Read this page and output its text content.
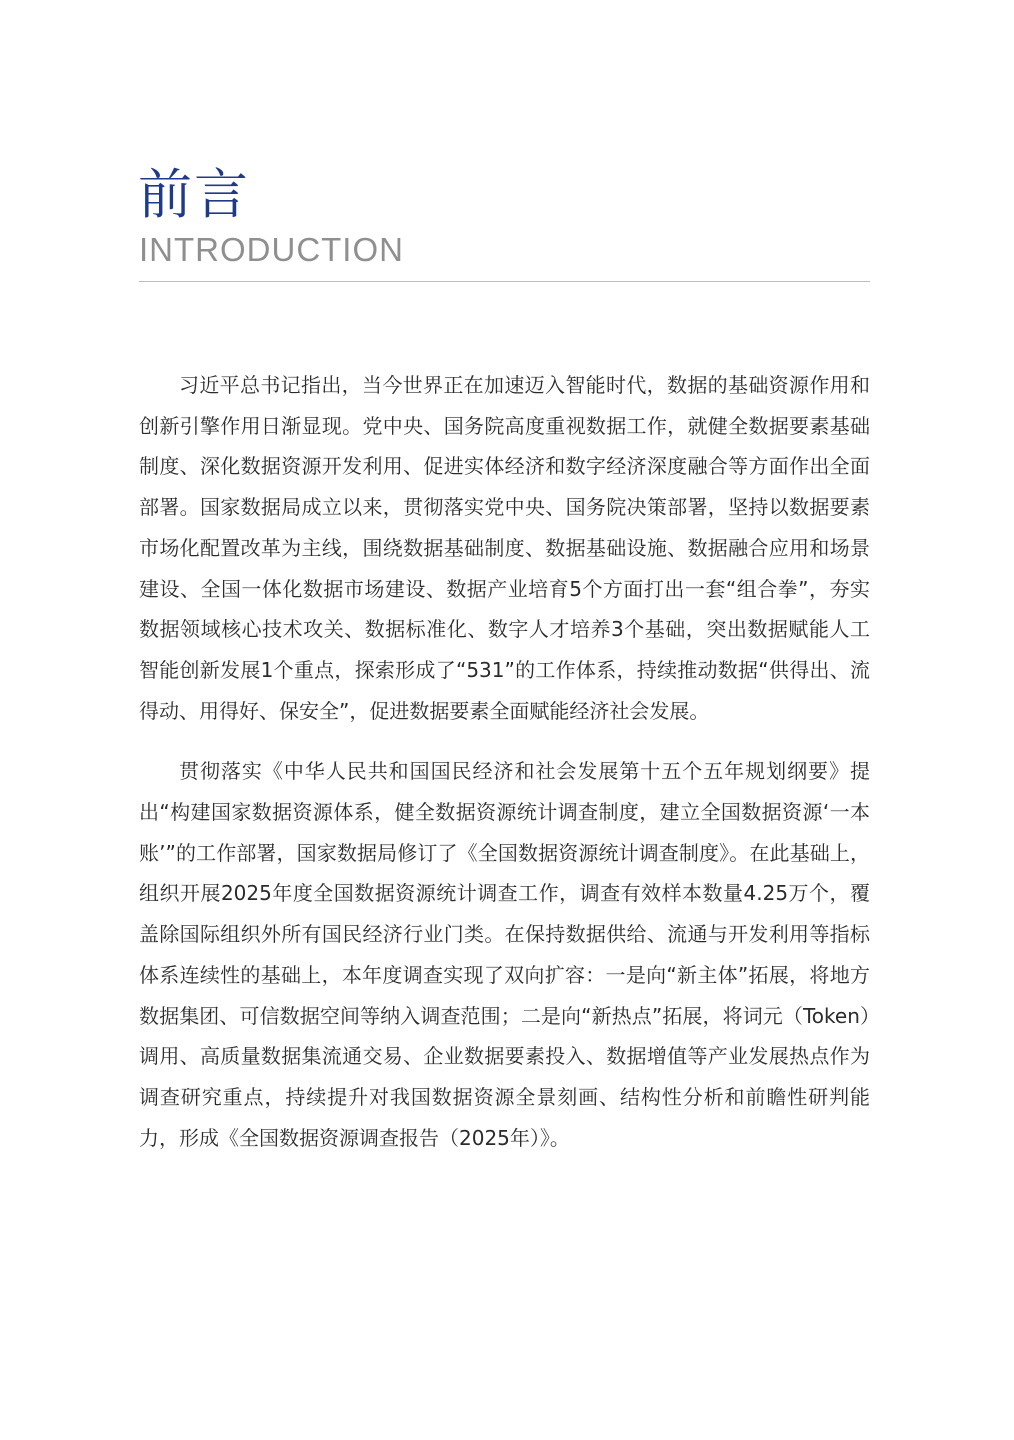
前言
INTRODUCTION

习近平总书记指出，当今世界正在加速迈入智能时代，数据的基础资源作用和创新引擎作用日渐显现。党中央、国务院高度重视数据工作，就健全数据要素基础制度、深化数据资源开发利用、促进实体经济和数字经济深度融合等方面作出全面部署。国家数据局成立以来，贯彻落实党中央、国务院决策部署，坚持以数据要素市场化配置改革为主线，围绕数据基础制度、数据基础设施、数据融合应用和场景建设、全国一体化数据市场建设、数据产业培育5个方面打出一套“组合拳”，夯实数据领域核心技术攻关、数据标准化、数字人才培养3个基础，突出数据赋能人工智能创新发展1个重点，探索形成了“531”的工作体系，持续推动数据“供得出、流得动、用得好、保安全”，促进数据要素全面赋能经济社会发展。

贯彻落实《中华人民共和国国民经济和社会发展第十五个五年规划纲要》提出“构建国家数据资源体系，健全数据资源统计调查制度，建立全国数据资源‘一本账’”的工作部署，国家数据局修订了《全国数据资源统计调查制度》。在此基础上，组织开展2025年度全国数据资源统计调查工作，调查有效样本数量4.25万个，覆盖除国际组织外所有国民经济行业门类。在保持数据供给、流通与开发利用等指标体系连续性的基础上，本年度调查实现了双向扩容：一是向“新主体”拓展，将地方数据集团、可信数据空间等纳入调查范围；二是向“新热点”拓展，将词元（Token）调用、高质量数据集流通交易、企业数据要素投入、数据增值等产业发展热点作为调查研究重点，持续提升对我国数据资源全景刻画、结构性分析和前瞻性研判能力，形成《全国数据资源调查报告（2025年）》。
